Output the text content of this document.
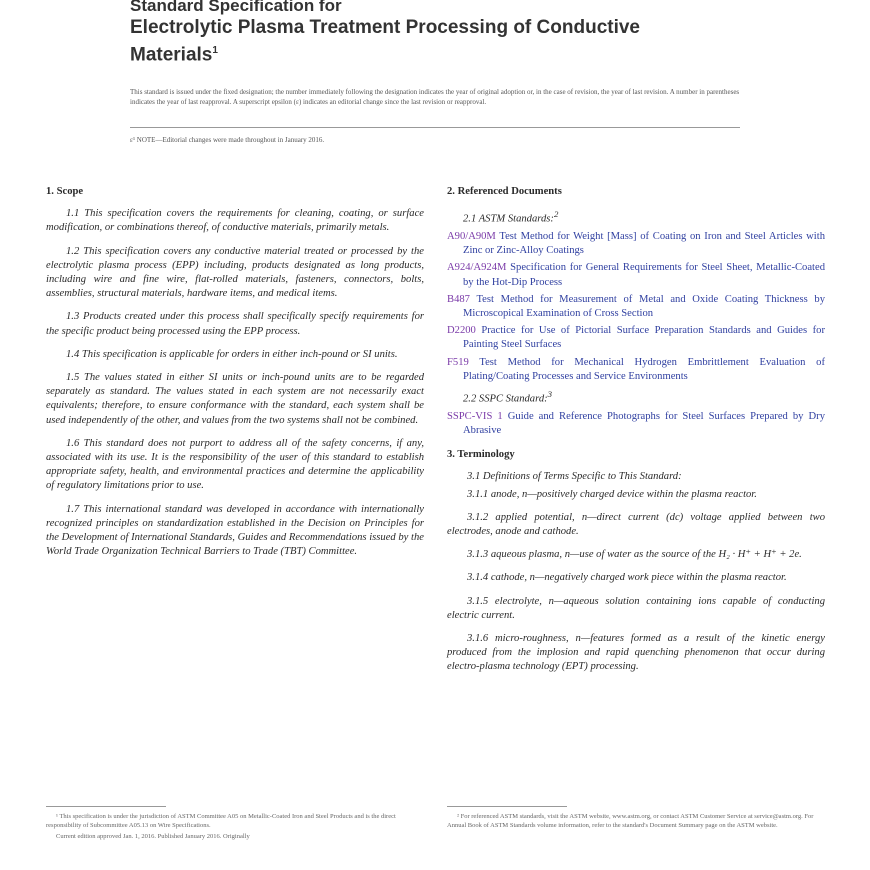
Standard Specification for
Electrolytic Plasma Treatment Processing of Conductive
Materials$^1$
This standard is issued under the fixed designation; the number immediately following the designation indicates the year of original adoption or, in the case of revision, the year of last revision. A number in parentheses indicates the year of last reapproval. A superscript epsilon (ε) indicates an editorial change since the last revision or reapproval.
ε¹ NOTE—Editorial changes were made throughout in January 2016.
1. Scope

1.1 This specification covers the requirements for cleaning, coating, or surface modification, or combinations thereof, of conductive materials, primarily metals.

1.2 This specification covers any conductive material treated or processed by the electrolytic plasma process (EPP) including, products designated as long products, including wire and fine wire, flat-rolled materials, fasteners, connectors, bolts, assemblies, structural materials, hardware items, and medical items.

1.3 Products created under this process shall specifically specify requirements for the specific product being processed using the EPP process.

1.4 This specification is applicable for orders in either inch-pound or SI units.

1.5 The values stated in either SI units or inch-pound units are to be regarded separately as standard. The values stated in each system are not necessarily exact equivalents; therefore, to ensure conformance with the standard, each system shall be used independently of the other, and values from the two systems shall not be combined.

1.6 This standard does not purport to address all of the safety concerns, if any, associated with its use. It is the responsibility of the user of this standard to establish appropriate safety, health, and environmental practices and determine the applicability of regulatory limitations prior to use.

1.7 This international standard was developed in accordance with internationally recognized principles on standardization established in the Decision on Principles for the Development of International Standards, Guides and Recommendations issued by the World Trade Organization Technical Barriers to Trade (TBT) Committee.

2. Referenced Documents
2.1 ASTM Standards:$^2$
A90/A90M Test Method for Weight [Mass] of Coating on Iron and Steel Articles with Zinc or Zinc-Alloy Coatings
A924/A924M Specification for General Requirements for Steel Sheet, Metallic-Coated by the Hot-Dip Process
B487 Test Method for Measurement of Metal and Oxide Coating Thickness by Microscopical Examination of Cross Section
D2200 Practice for Use of Pictorial Surface Preparation Standards and Guides for Painting Steel Surfaces
F519 Test Method for Mechanical Hydrogen Embrittlement Evaluation of Plating/Coating Processes and Service Environments
2.2 SSPC Standard:$^3$
SSPC-VIS 1 Guide and Reference Photographs for Steel Surfaces Prepared by Dry Abrasive
3. Terminology

3.1 Definitions of Terms Specific to This Standard:

3.1.1 anode, n—positively charged device within the plasma reactor.

3.1.2 applied potential, n—direct current (dc) voltage applied between two electrodes, anode and cathode.

3.1.3 aqueous plasma, n—use of water as the source of the H₂ · H⁺ + H⁺ + 2e.

3.1.4 cathode, n—negatively charged work piece within the plasma reactor.

3.1.5 electrolyte, n—aqueous solution containing ions capable of conducting electric current.

3.1.6 micro-roughness, n—features formed as a result of the kinetic energy produced from the implosion and rapid quenching phenomenon that occur during electro-plasma technology (EPT) processing.

¹ This specification is under the jurisdiction of ASTM Committee A05 on Metallic-Coated Iron and Steel Products and is the direct responsibility of Subcommittee A05.13 on Wire Specifications.

Current edition approved Jan. 1, 2016. Published January 2016. Originally

² For referenced ASTM standards, visit the ASTM website, www.astm.org, or contact ASTM Customer Service at service@astm.org. For Annual Book of ASTM Standards volume information, refer to the standard's Document Summary page on the ASTM website.
